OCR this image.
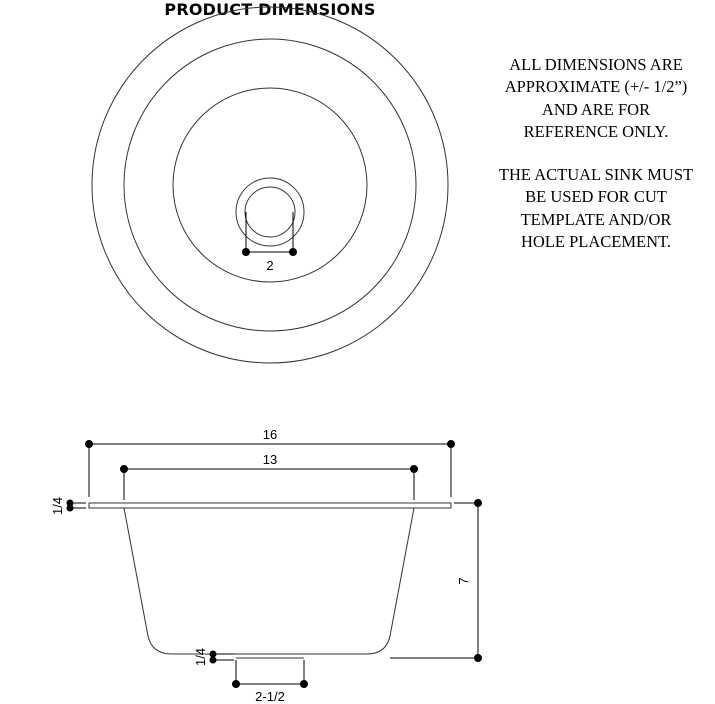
PRODUCT DIMENSIONS
ALL DIMENSIONS ARE
APPROXIMATE (+/- 1/2”)
AND ARE FOR
REFERENCE ONLY.
THE ACTUAL SINK MUST
BE USED FOR CUT
TEMPLATE AND/OR
HOLE PLACEMENT.
2
16
13
1/4
7
1/4
2-1/2
